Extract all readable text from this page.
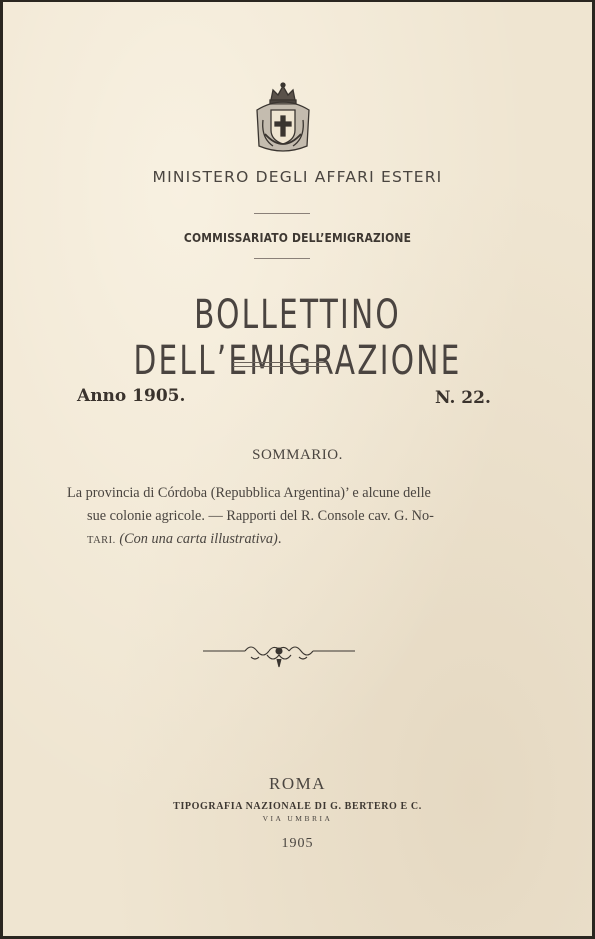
MINISTERO DEGLI AFFARI ESTERI
COMMISSARIATO DELL’EMIGRAZIONE
BOLLETTINO DELL’EMIGRAZIONE
Anno 1905.	N. 22.
SOMMARIO.
La provincia di Córdoba (Repubblica Argentina)’ e alcune delle
sue colonie agricole. — Rapporti del R. Console cav. G. No-
TARI. (Con una carta illustrativa).
ROMA
TIPOGRAFIA NAZIONALE DI G. BERTERO E C.
VIA UMBRIA
1905
